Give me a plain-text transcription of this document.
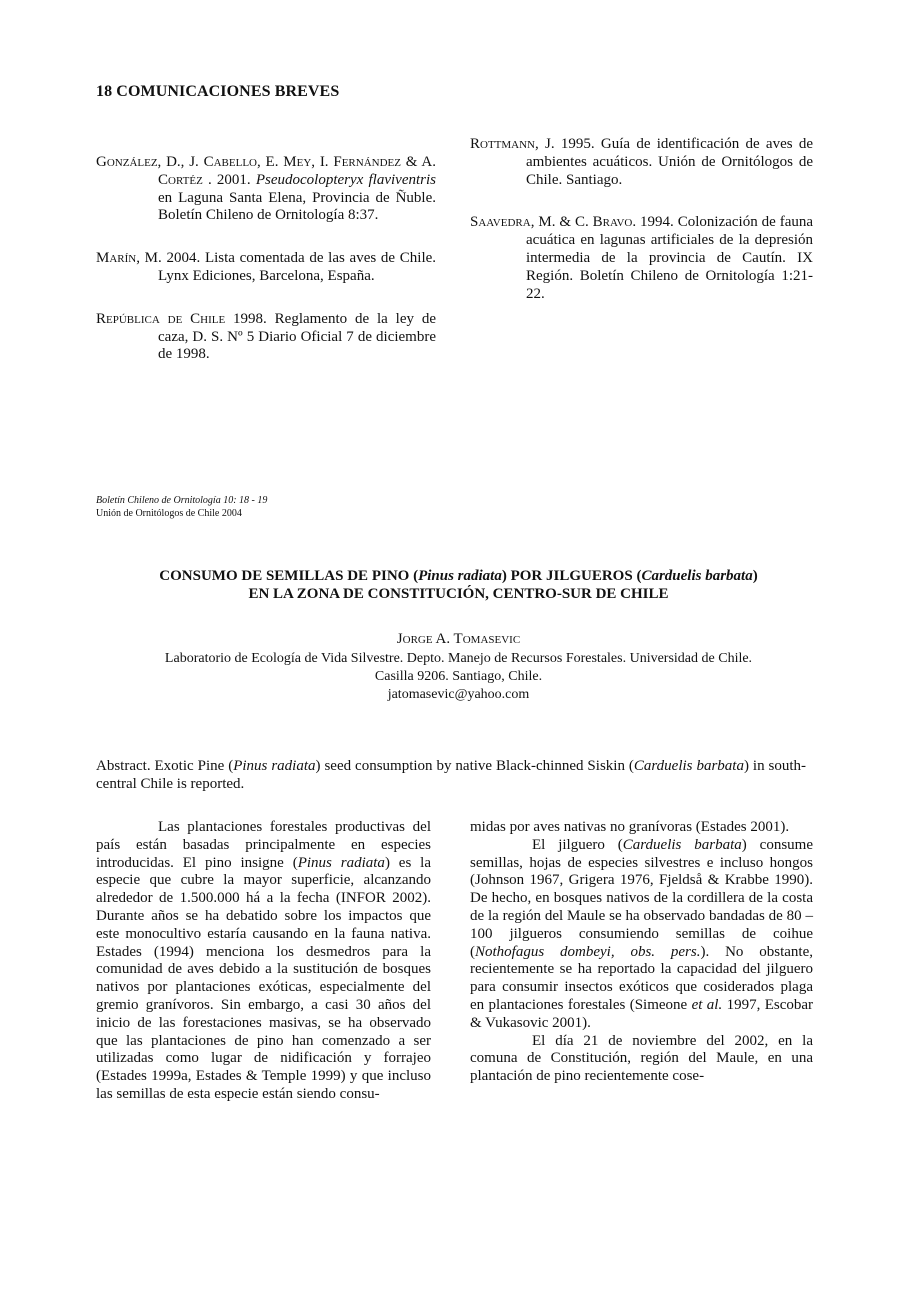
18 COMUNICACIONES BREVES
González, D., J. Cabello, E. Mey, I. Fernández & A. Cortéz . 2001. Pseudocolopteryx flaviventris en Laguna Santa Elena, Provincia de Ñuble. Boletín Chileno de Ornitología 8:37.
Marín, M. 2004. Lista comentada de las aves de Chile. Lynx Ediciones, Barcelona, España.
República de Chile 1998. Reglamento de la ley de caza, D. S. Nº 5 Diario Oficial 7 de diciembre de 1998.
Rottmann, J. 1995. Guía de identificación de aves de ambientes acuáticos. Unión de Ornitólogos de Chile. Santiago.
Saavedra, M. & C. Bravo. 1994. Colonización de fauna acuática en lagunas artificiales de la depresión intermedia de la provincia de Cautín. IX Región. Boletín Chileno de Ornitología 1:21-22.
Boletín Chileno de Ornitología 10: 18 - 19
Unión de Ornitólogos de Chile 2004
CONSUMO DE SEMILLAS DE PINO (Pinus radiata) POR JILGUEROS (Carduelis barbata)
EN LA ZONA DE CONSTITUCIÓN, CENTRO-SUR DE CHILE
Jorge A. Tomasevic
Laboratorio de Ecología de Vida Silvestre. Depto. Manejo de Recursos Forestales. Universidad de Chile.
Casilla 9206. Santiago, Chile.
jatomasevic@yahoo.com
Abstract. Exotic Pine (Pinus radiata) seed consumption by native Black-chinned Siskin (Carduelis barbata) in south-central Chile is reported.

Las plantaciones forestales productivas del país están basadas principalmente en especies introducidas. El pino insigne (Pinus radiata) es la especie que cubre la mayor superficie, alcanzando alrededor de 1.500.000 há a la fecha (INFOR 2002). Durante años se ha debatido sobre los impactos que este monocultivo estaría causando en la fauna nativa. Estades (1994) menciona los desmedros para la comunidad de aves debido a la sustitución de bosques nativos por plantaciones exóticas, especialmente del gremio granívoros. Sin embargo, a casi 30 años del inicio de las forestaciones masivas, se ha observado que las plantaciones de pino han comenzado a ser utilizadas como lugar de nidificación y forrajeo (Estades 1999a, Estades & Temple 1999) y que incluso las semillas de esta especie están siendo consu-

midas por aves nativas no granívoras (Estades 2001).

El jilguero (Carduelis barbata) consume semillas, hojas de especies silvestres e incluso hongos (Johnson 1967, Grigera 1976, Fjeldså & Krabbe 1990). De hecho, en bosques nativos de la cordillera de la costa de la región del Maule se ha observado bandadas de 80 – 100 jilgueros consumiendo semillas de coihue (Nothofagus dombeyi, obs. pers.). No obstante, recientemente se ha reportado la capacidad del jilguero para consumir insectos exóticos que cosiderados plaga en plantaciones forestales (Simeone et al. 1997, Escobar & Vukasovic 2001).

El día 21 de noviembre del 2002, en la comuna de Constitución, región del Maule, en una plantación de pino recientemente cose-
